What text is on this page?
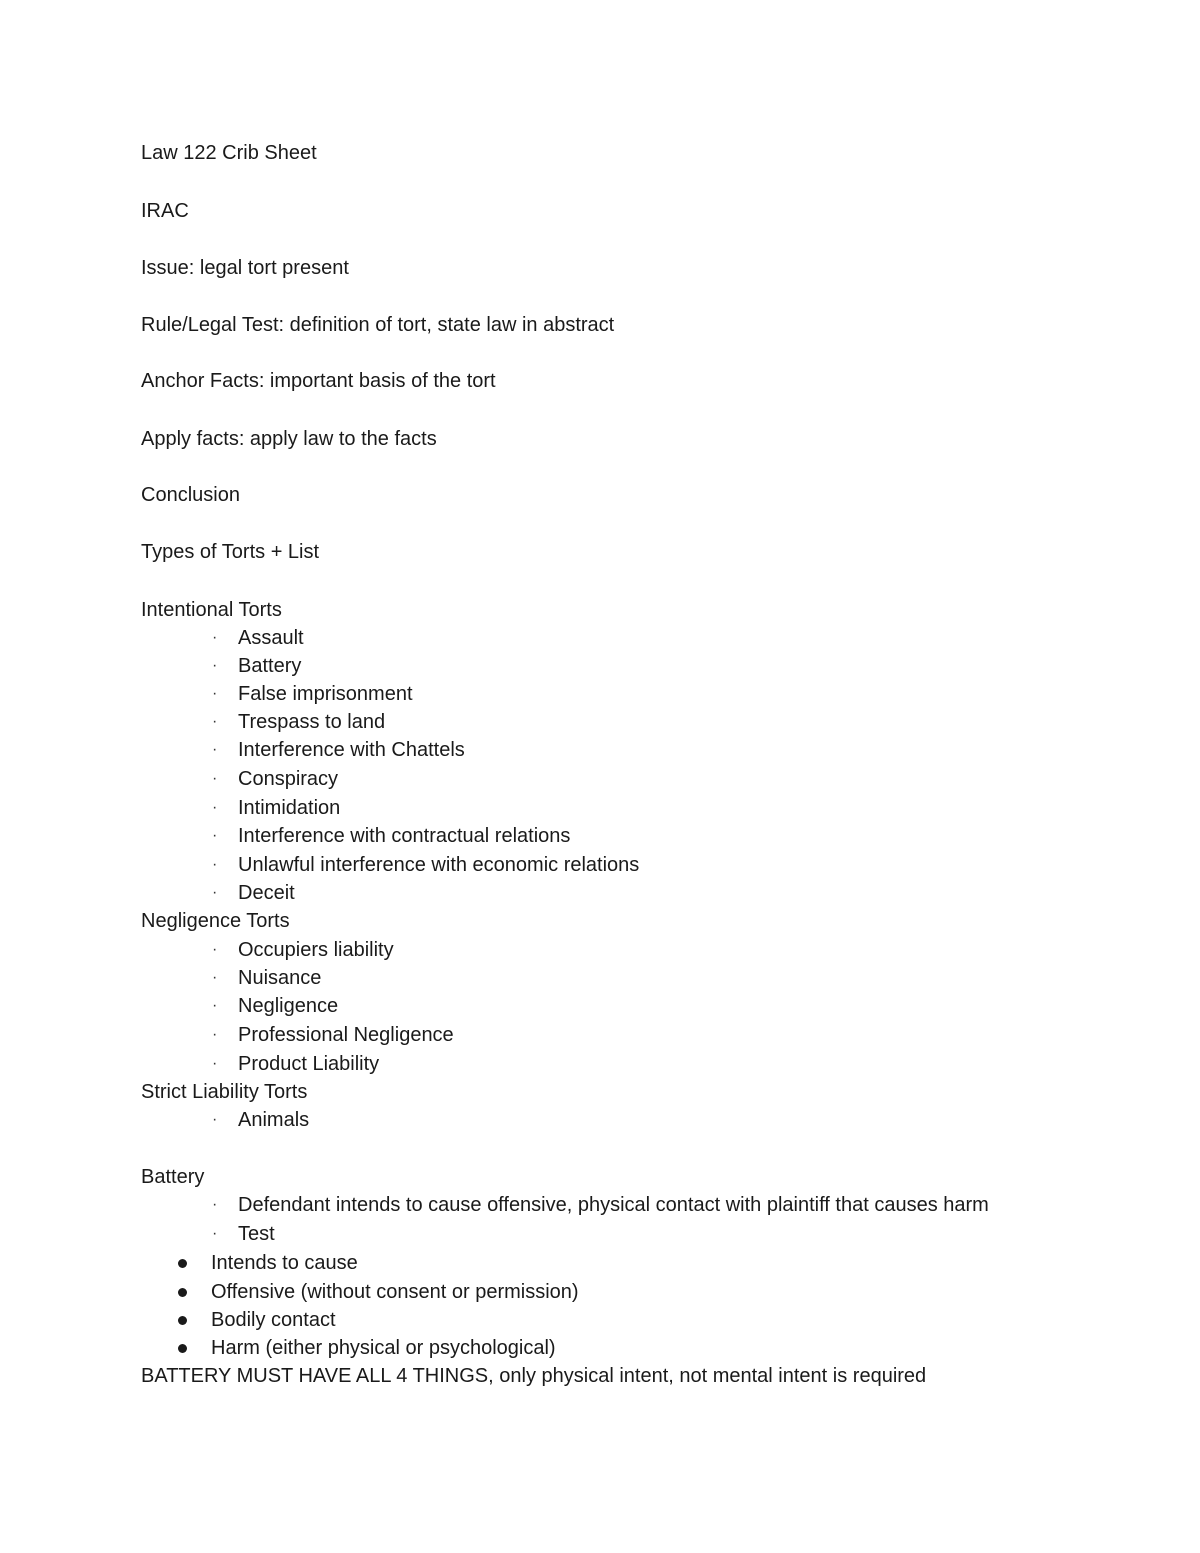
Law 122 Crib Sheet
IRAC
Issue: legal tort present
Rule/Legal Test: definition of tort, state law in abstract
Anchor Facts: important basis of the tort
Apply facts: apply law to the facts
Conclusion
Types of Torts + List
Intentional Torts
· Assault
· Battery
· False imprisonment
· Trespass to land
· Interference with Chattels
· Conspiracy
· Intimidation
· Interference with contractual relations
· Unlawful interference with economic relations
· Deceit
Negligence Torts
· Occupiers liability
· Nuisance
· Negligence
· Professional Negligence
· Product Liability
Strict Liability Torts
· Animals
Battery
· Defendant intends to cause offensive, physical contact with plaintiff that causes harm
· Test
Intends to cause
Offensive (without consent or permission)
Bodily contact
Harm (either physical or psychological)
BATTERY MUST HAVE ALL 4 THINGS, only physical intent, not mental intent is required
